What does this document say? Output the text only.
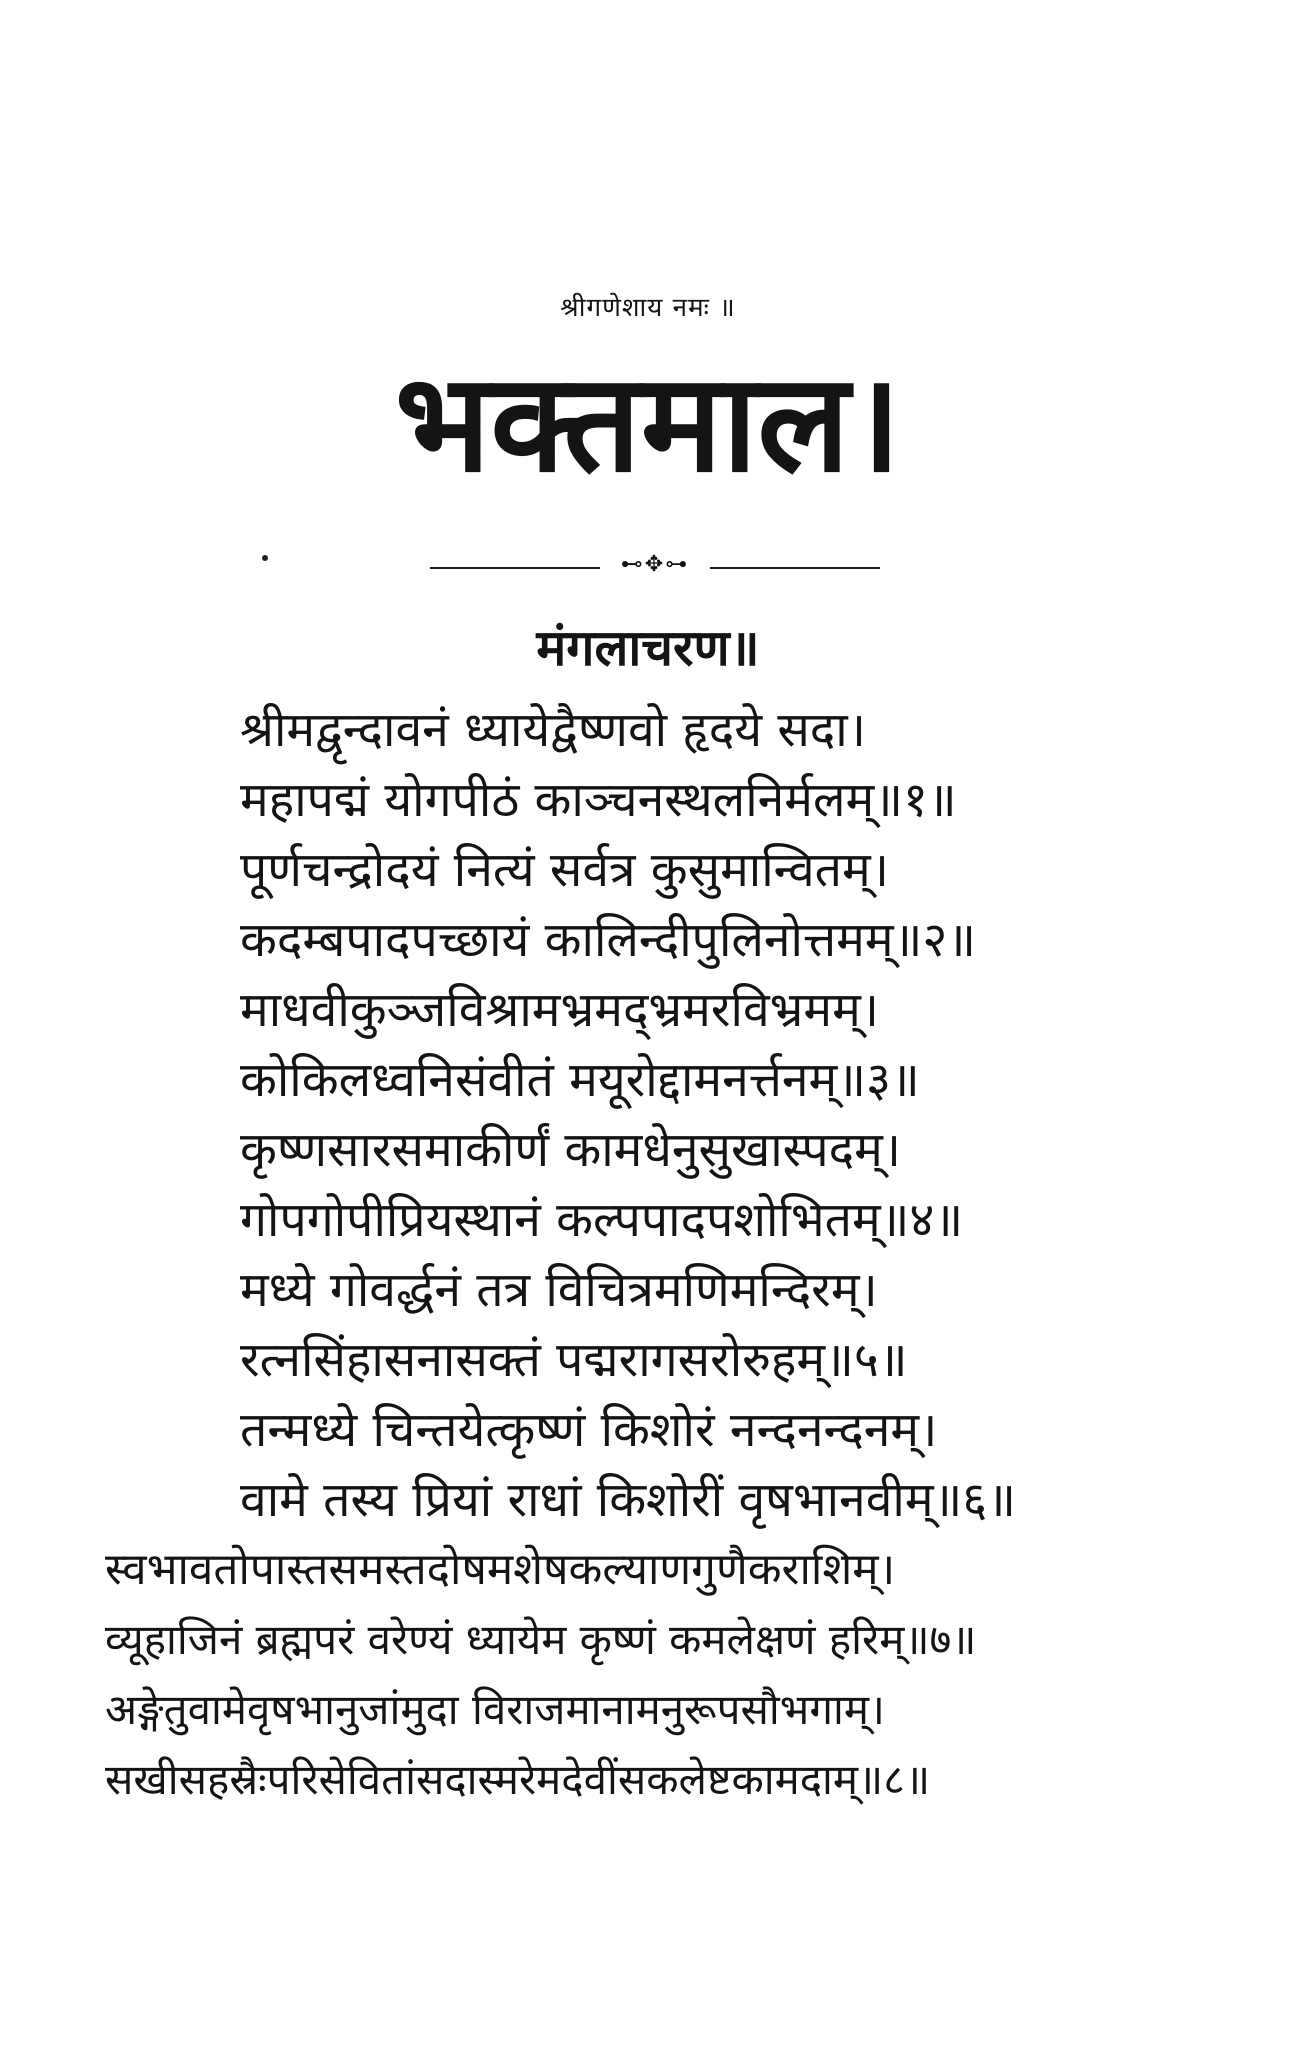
श्रीगणेशाय नमः ॥
भक्तमाल।
⊷✥⊶
मंगलाचरण॥
श्रीमद्वृन्दावनं ध्यायेद्वैष्णवो हृदये सदा।
महापद्मं योगपीठं काञ्चनस्थलनिर्मलम्॥१॥
पूर्णचन्द्रोदयं नित्यं सर्वत्र कुसुमान्वितम्।
कदम्बपादपच्छायं कालिन्दीपुलिनोत्तमम्॥२॥
माधवीकुञ्जविश्रामभ्रमद्भ्रमरविभ्रमम्।
कोकिलध्वनिसंवीतं मयूरोद्दामनर्त्तनम्॥३॥
कृष्णसारसमाकीर्णं कामधेनुसुखास्पदम्।
गोपगोपीप्रियस्थानं कल्पपादपशोभितम्॥४॥
मध्ये गोवर्द्धनं तत्र विचित्रमणिमन्दिरम्।
रत्नसिंहासनासक्तं पद्मरागसरोरुहम्॥५॥
तन्मध्ये चिन्तयेत्कृष्णं किशोरं नन्दनन्दनम्।
वामे तस्य प्रियां राधां किशोरीं वृषभानवीम्॥६॥
स्वभावतोपास्तसमस्तदोषमशेषकल्याणगुणैकराशिम्।
व्यूहाजिनं ब्रह्मपरं वरेण्यं ध्यायेम कृष्णं कमलेक्षणं हरिम्॥७॥
अङ्गेतुवामेवृषभानुजांमुदा विराजमानामनुरूपसौभगाम्।
सखीसहस्रैःपरिसेवितांसदास्मरेमदेवींसकलेष्टकामदाम्॥८॥
